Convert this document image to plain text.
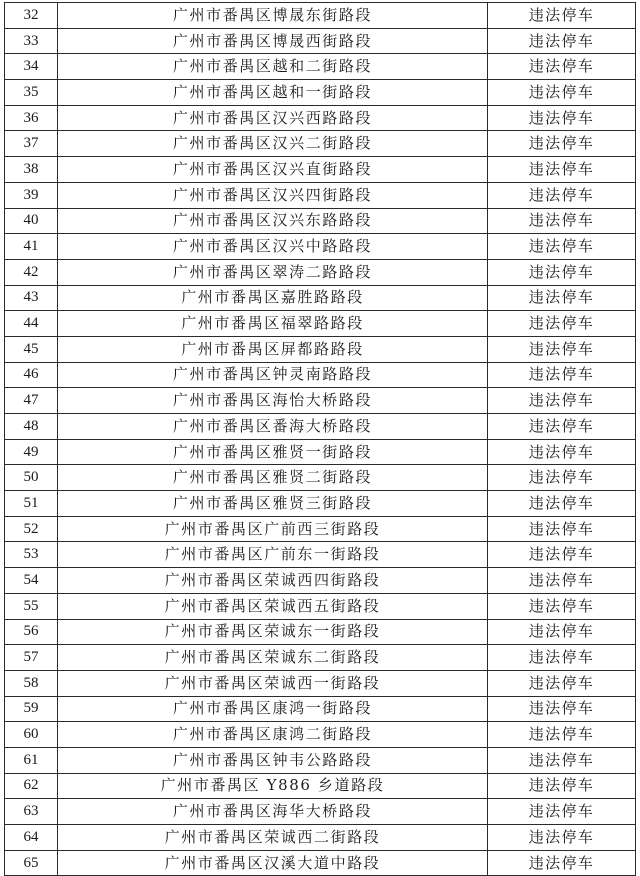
32	广州市番禺区博晟东街路段	违法停车
33	广州市番禺区博晟西街路段	违法停车
34	广州市番禺区越和二街路段	违法停车
35	广州市番禺区越和一街路段	违法停车
36	广州市番禺区汉兴西路路段	违法停车
37	广州市番禺区汉兴二街路段	违法停车
38	广州市番禺区汉兴直街路段	违法停车
39	广州市番禺区汉兴四街路段	违法停车
40	广州市番禺区汉兴东路路段	违法停车
41	广州市番禺区汉兴中路路段	违法停车
42	广州市番禺区翠涛二路路段	违法停车
43	广州市番禺区嘉胜路路段	违法停车
44	广州市番禺区福翠路路段	违法停车
45	广州市番禺区屏都路路段	违法停车
46	广州市番禺区钟灵南路路段	违法停车
47	广州市番禺区海怡大桥路段	违法停车
48	广州市番禺区番海大桥路段	违法停车
49	广州市番禺区雅贤一街路段	违法停车
50	广州市番禺区雅贤二街路段	违法停车
51	广州市番禺区雅贤三街路段	违法停车
52	广州市番禺区广前西三街路段	违法停车
53	广州市番禺区广前东一街路段	违法停车
54	广州市番禺区荣诚西四街路段	违法停车
55	广州市番禺区荣诚西五街路段	违法停车
56	广州市番禺区荣诚东一街路段	违法停车
57	广州市番禺区荣诚东二街路段	违法停车
58	广州市番禺区荣诚西一街路段	违法停车
59	广州市番禺区康鸿一街路段	违法停车
60	广州市番禺区康鸿二街路段	违法停车
61	广州市番禺区钟韦公路路段	违法停车
62	广州市番禺区 Y886 乡道路段	违法停车
63	广州市番禺区海华大桥路段	违法停车
64	广州市番禺区荣诚西二街路段	违法停车
65	广州市番禺区汉溪大道中路段	违法停车
